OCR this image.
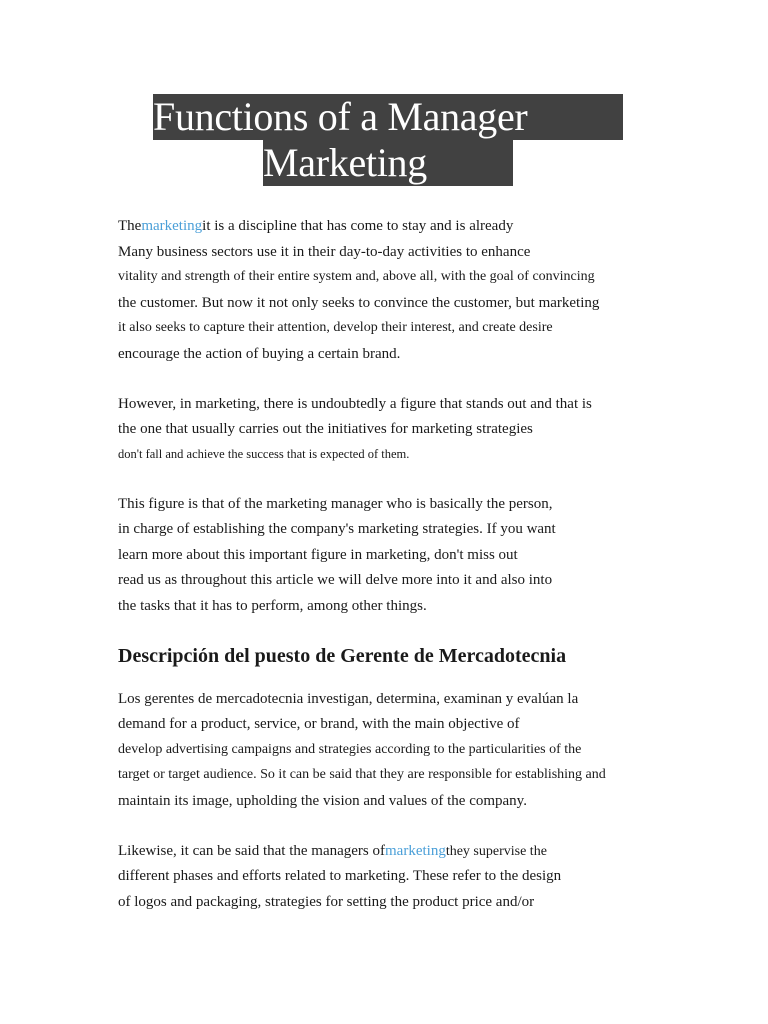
Functions of a Manager
Marketing
Themarketingit is a discipline that has come to stay and is already
Many business sectors use it in their day-to-day activities to enhance
vitality and strength of their entire system and, above all, with the goal of convincing
the customer. But now it not only seeks to convince the customer, but marketing
it also seeks to capture their attention, develop their interest, and create desire
encourage the action of buying a certain brand.
However, in marketing, there is undoubtedly a figure that stands out and that is
the one that usually carries out the initiatives for marketing strategies
don't fall and achieve the success that is expected of them.
This figure is that of the marketing manager who is basically the person,
in charge of establishing the company's marketing strategies. If you want
learn more about this important figure in marketing, don't miss out
read us as throughout this article we will delve more into it and also into
the tasks that it has to perform, among other things.
Descripción del puesto de Gerente de Mercadotecnia
Los gerentes de mercadotecnia investigan, determina, examinan y evalúan la
demand for a product, service, or brand, with the main objective of
develop advertising campaigns and strategies according to the particularities of the
target or target audience. So it can be said that they are responsible for establishing and
maintain its image, upholding the vision and values of the company.
Likewise, it can be said that the managers ofmarketingthey supervise the
different phases and efforts related to marketing. These refer to the design
of logos and packaging, strategies for setting the product price and/or
